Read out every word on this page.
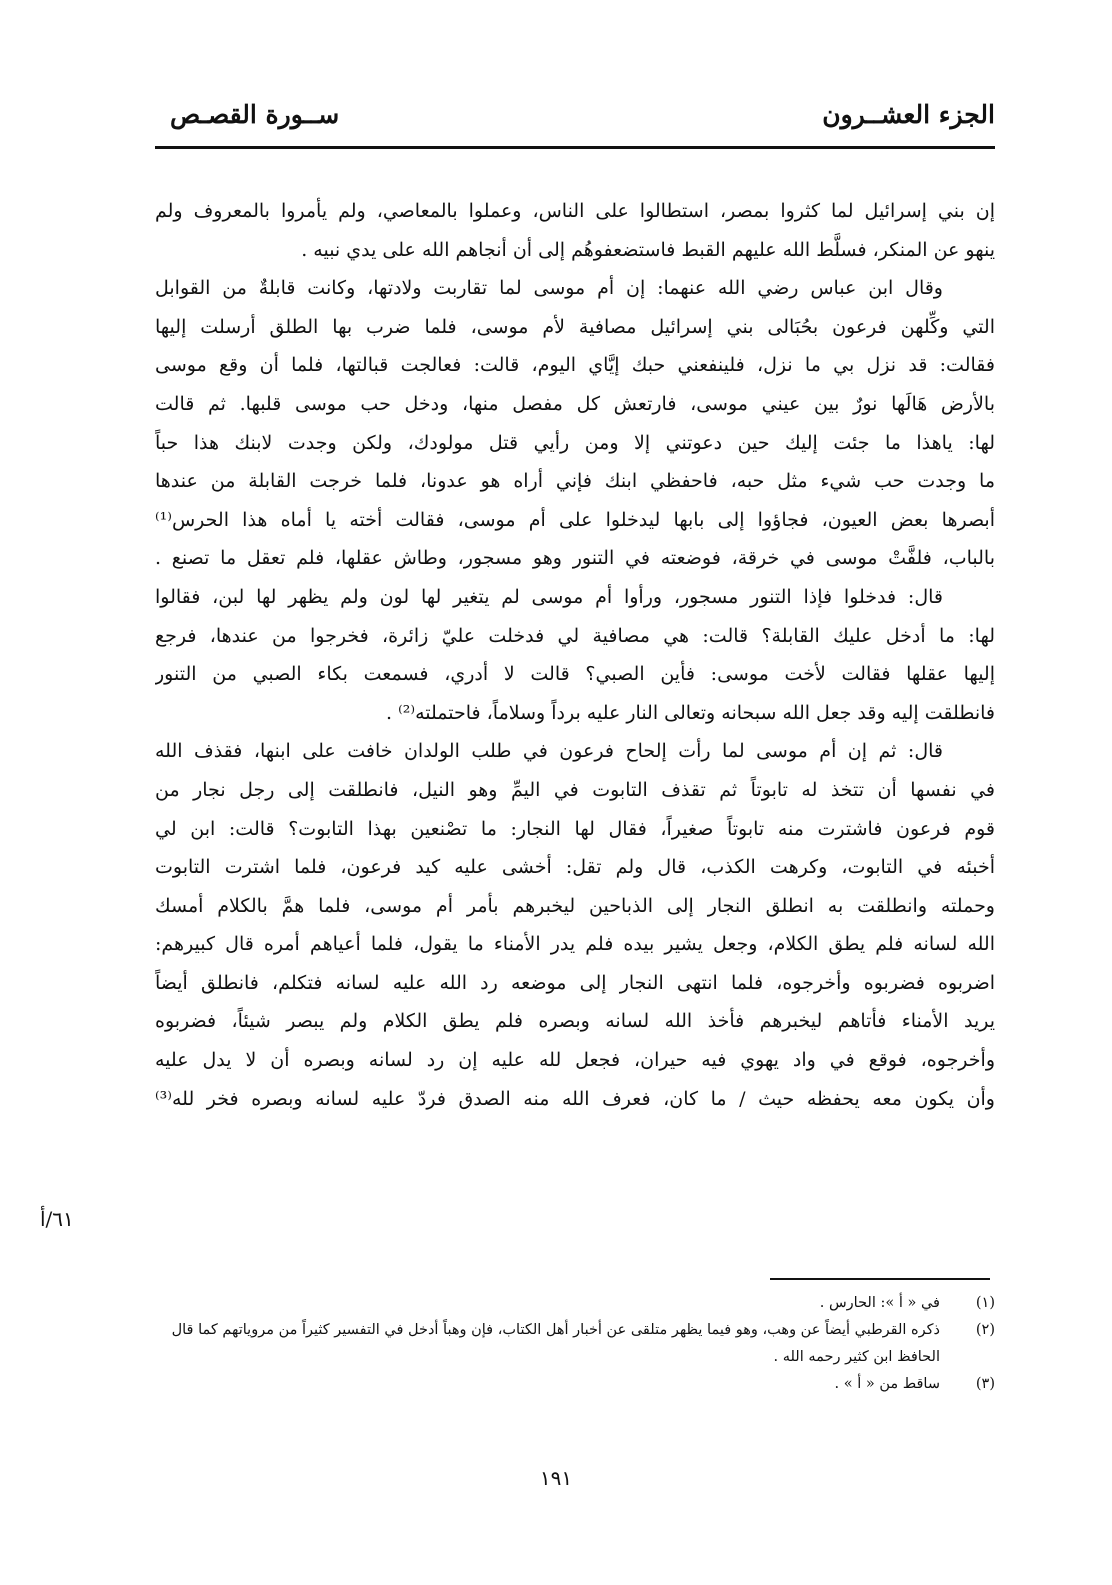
الجزء العشــرون
ســورة القصـص
إن بني إسرائيل لما كثروا بمصر، استطالوا على الناس، وعملوا بالمعاصي، ولم يأمروا بالمعروف ولم
ينهو عن المنكر، فسلَّط الله عليهم القبط فاستضعفوهُم إلى أن أنجاهم الله على يدي نبيه .
وقال ابن عباس رضي الله عنهما: إن أم موسى لما تقاربت ولادتها، وكانت قابلةٌ من القوابل
التي وكِّلهن فرعون بحُبَالى بني إسرائيل مصافية لأم موسى، فلما ضرب بها الطلق أرسلت إليها
فقالت: قد نزل بي ما نزل، فلينفعني حبك إيَّاي اليوم، قالت: فعالجت قبالتها، فلما أن وقع موسى
بالأرض هَالَها نورٌ بين عيني موسى، فارتعش كل مفصل منها، ودخل حب موسى قلبها. ثم قالت
لها: ياهذا ما جئت إليك حين دعوتني إلا ومن رأيي قتل مولودك، ولكن وجدت لابنك هذا حباً
ما وجدت حب شيء مثل حبه، فاحفظي ابنك فإني أراه هو عدونا، فلما خرجت القابلة من عندها
أبصرها بعض العيون، فجاؤوا إلى بابها ليدخلوا على أم موسى، فقالت أخته يا أماه هذا الحرس⁽¹⁾
بالباب، فلفَّتْ موسى في خرقة، فوضعته في التنور وهو مسجور، وطاش عقلها، فلم تعقل ما تصنع .
قال: فدخلوا فإذا التنور مسجور، ورأوا أم موسى لم يتغير لها لون ولم يظهر لها لبن، فقالوا
لها: ما أدخل عليك القابلة؟ قالت: هي مصافية لي فدخلت عليّ زائرة، فخرجوا من عندها، فرجع
إليها عقلها فقالت لأخت موسى: فأين الصبي؟ قالت لا أدري، فسمعت بكاء الصبي من التنور
فانطلقت إليه وقد جعل الله سبحانه وتعالى النار عليه برداً وسلاماً، فاحتملته⁽²⁾ .
قال: ثم إن أم موسى لما رأت إلحاح فرعون في طلب الولدان خافت على ابنها، فقذف الله
في نفسها أن تتخذ له تابوتاً ثم تقذف التابوت في اليمِّ وهو النيل، فانطلقت إلى رجل نجار من
قوم فرعون فاشترت منه تابوتاً صغيراً، فقال لها النجار: ما تصْنعين بهذا التابوت؟ قالت: ابن لي
أخبئه في التابوت، وكرهت الكذب، قال ولم تقل: أخشى عليه كيد فرعون، فلما اشترت التابوت
وحملته وانطلقت به انطلق النجار إلى الذباحين ليخبرهم بأمر أم موسى، فلما همَّ بالكلام أمسك
الله لسانه فلم يطق الكلام، وجعل يشير بيده فلم يدر الأمناء ما يقول، فلما أعياهم أمره قال كبيرهم:
اضربوه فضربوه وأخرجوه، فلما انتهى النجار إلى موضعه رد الله عليه لسانه فتكلم، فانطلق أيضاً
يريد الأمناء فأتاهم ليخبرهم فأخذ الله لسانه وبصره فلم يطق الكلام ولم يبصر شيئاً، فضربوه
وأخرجوه، فوقع في واد يهوي فيه حيران، فجعل لله عليه إن رد لسانه وبصره أن لا يدل عليه
وأن يكون معه يحفظه حيث / ما كان، فعرف الله منه الصدق فردّ عليه لسانه وبصره فخر لله⁽³⁾
٦١/أ
(١)
في « أ »: الحارس .
(٢)
ذكره القرطبي أيضاً عن وهب، وهو فيما يظهر متلقى عن أخبار أهل الكتاب، فإن وهباً أدخل في التفسير كثيراً من مروياتهم كما قال الحافظ ابن كثير رحمه الله .
(٣)
ساقط من « أ » .
١٩١
